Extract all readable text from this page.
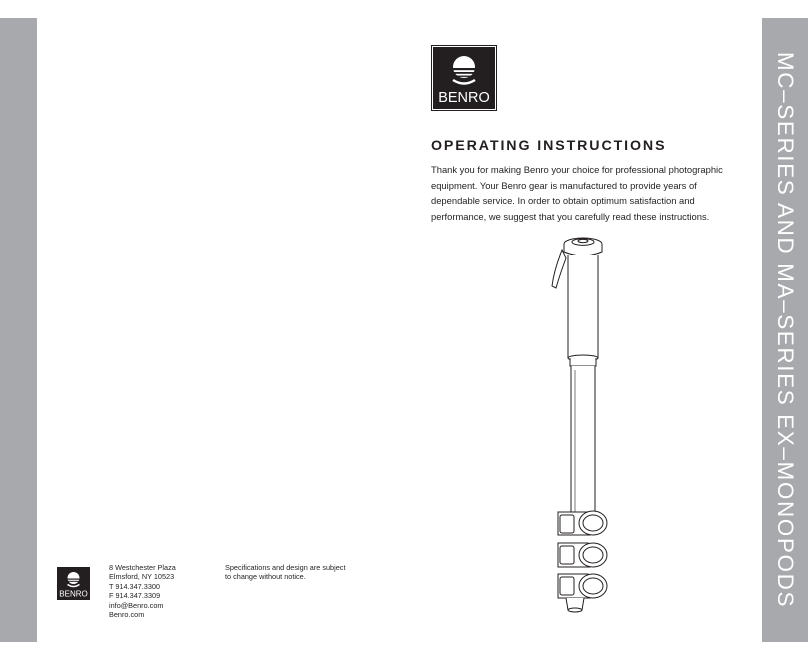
MC–SERIES AND MA–SERIES EX–MONOPODS
BENRO
OPERATING INSTRUCTIONS

Thank you for making Benro your choice for professional photographic
equipment. Your Benro gear is manufactured to provide years of
dependable service. In order to obtain optimum satisfaction and
performance, we suggest that you carefully read these instructions.

BENRO
8 Westchester Plaza
Elmsford, NY 10523
T 914.347.3300
F 914.347.3309
info@Benro.com
Benro.com
Specifications and design are subject
to change without notice.
